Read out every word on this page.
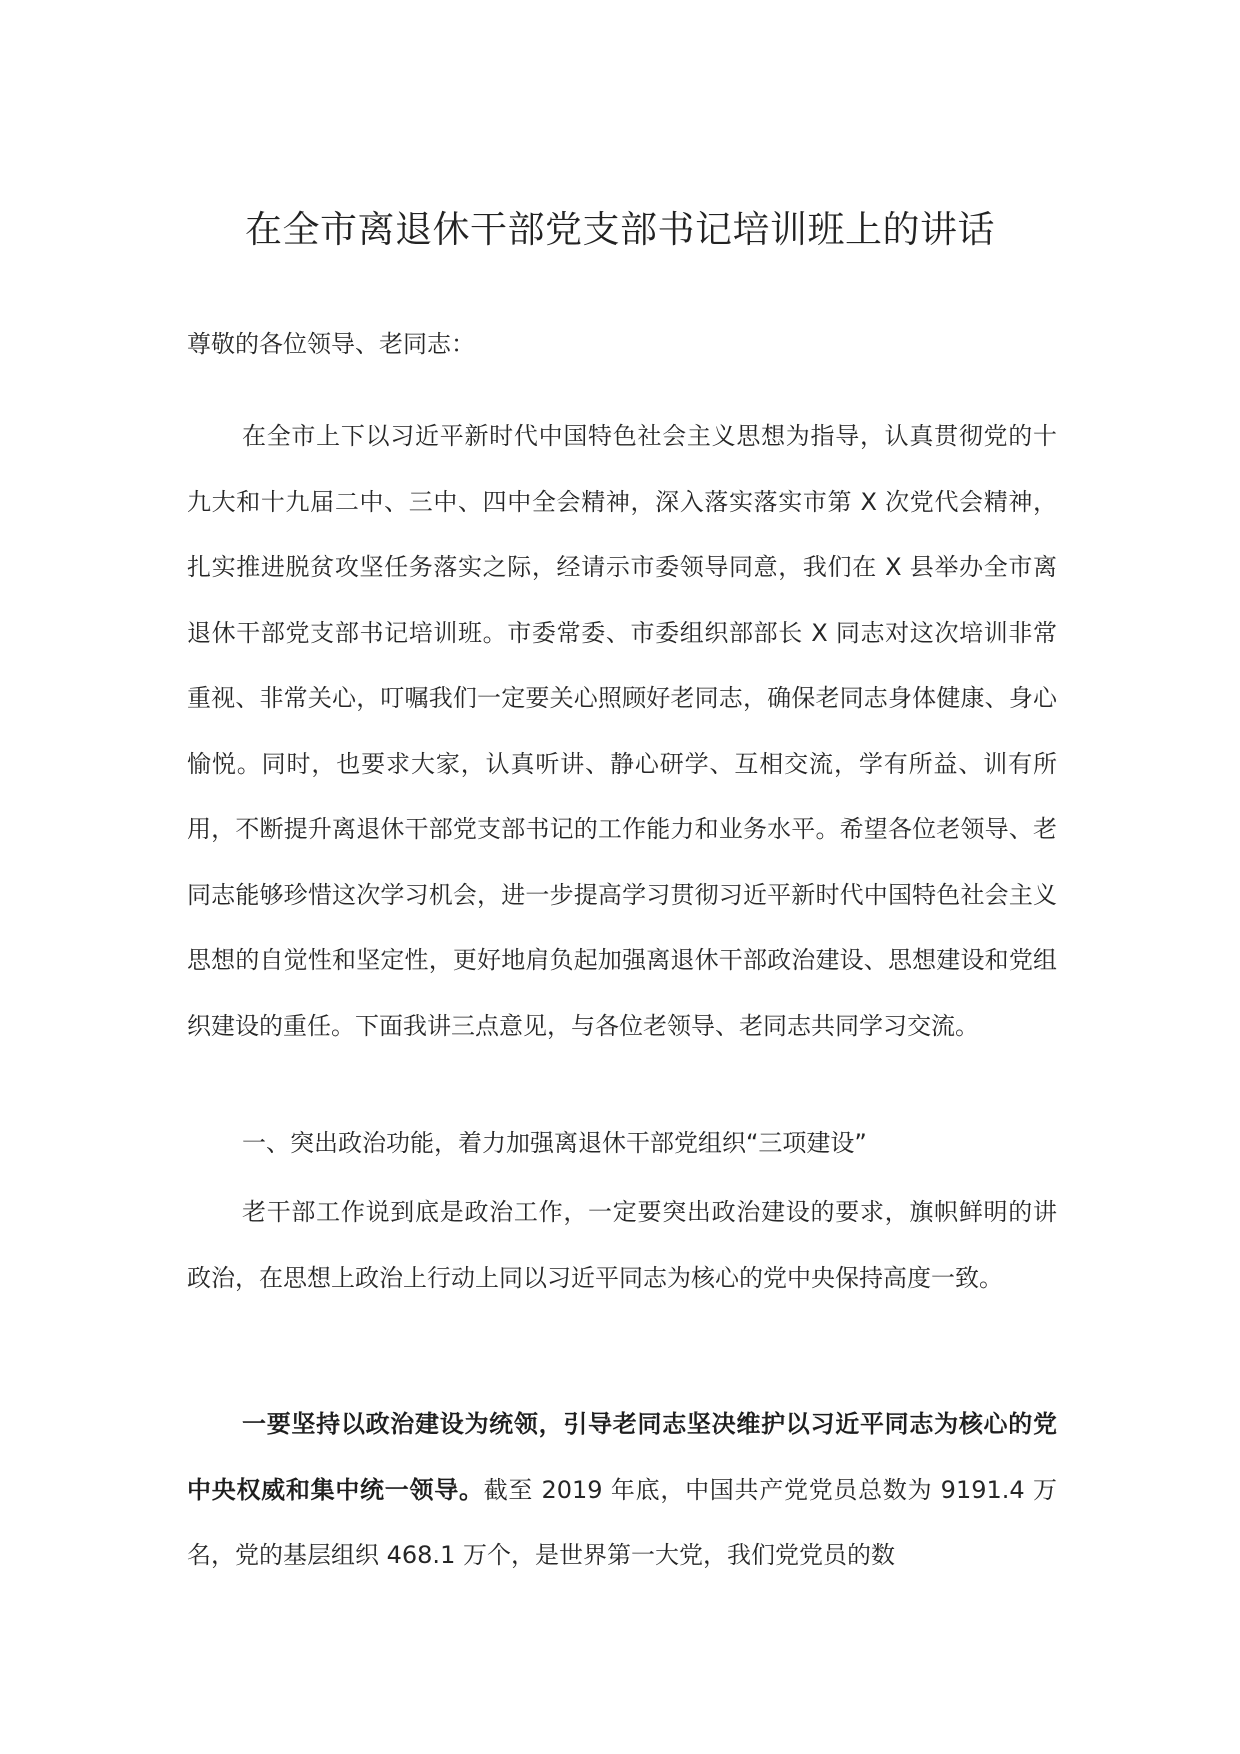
在全市离退休干部党支部书记培训班上的讲话
尊敬的各位领导、老同志：

在全市上下以习近平新时代中国特色社会主义思想为指导，认真贯彻党的十九大和十九届二中、三中、四中全会精神，深入落实落实市第 X 次党代会精神，扎实推进脱贫攻坚任务落实之际，经请示市委领导同意，我们在 X 县举办全市离退休干部党支部书记培训班。市委常委、市委组织部部长 X 同志对这次培训非常重视、非常关心，叮嘱我们一定要关心照顾好老同志，确保老同志身体健康、身心愉悦。同时，也要求大家，认真听讲、静心研学、互相交流，学有所益、训有所用，不断提升离退休干部党支部书记的工作能力和业务水平。希望各位老领导、老同志能够珍惜这次学习机会，进一步提高学习贯彻习近平新时代中国特色社会主义思想的自觉性和坚定性，更好地肩负起加强离退休干部政治建设、思想建设和党组织建设的重任。下面我讲三点意见，与各位老领导、老同志共同学习交流。

一、突出政治功能，着力加强离退休干部党组织“三项建设”

老干部工作说到底是政治工作，一定要突出政治建设的要求，旗帜鲜明的讲政治，在思想上政治上行动上同以习近平同志为核心的党中央保持高度一致。

一要坚持以政治建设为统领，引导老同志坚决维护以习近平同志为核心的党中央权威和集中统一领导。截至 2019 年底，中国共产党党员总数为 9191.4 万名，党的基层组织 468.1 万个，是世界第一大党，我们党党员的数
